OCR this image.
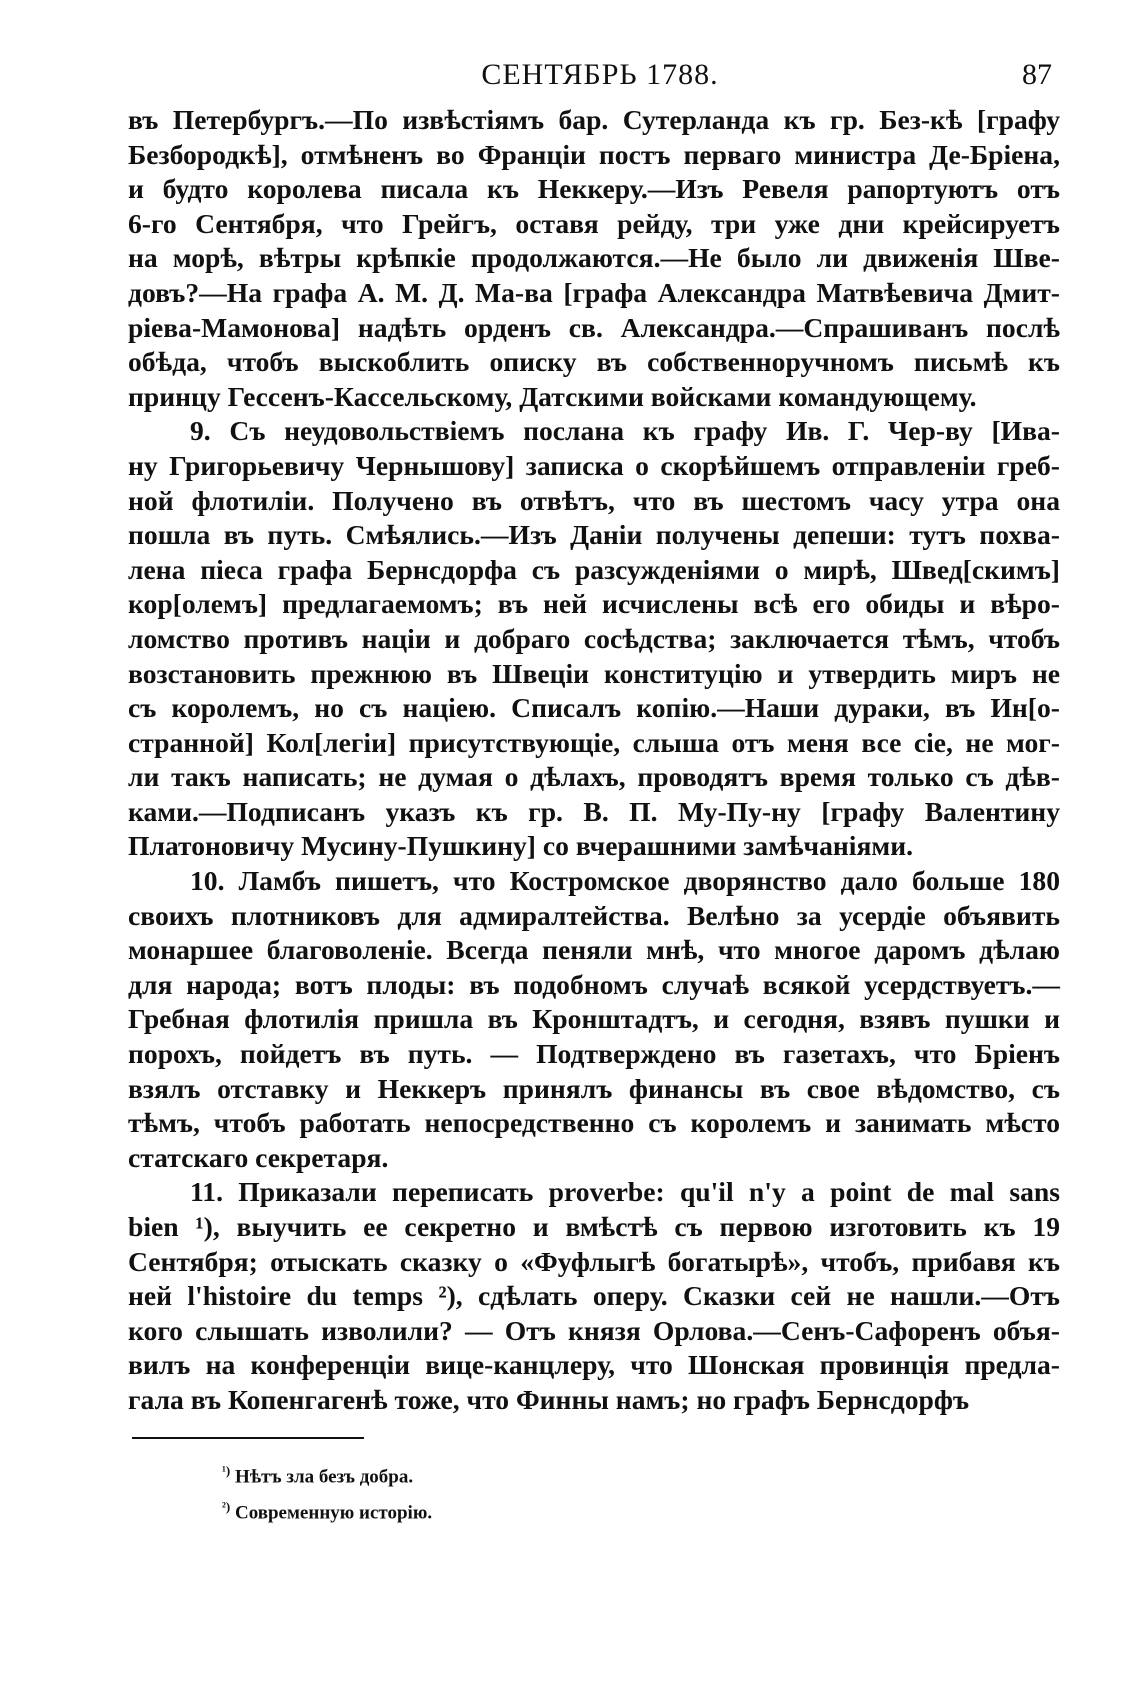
СЕНТЯБРЬ 1788.	87
въ Петербургъ.—По извѣстіямъ бар. Сутерланда къ гр. Без-кѣ [графу
Безбородкѣ], отмѣненъ во Франціи постъ перваго министра Де-Бріена,
и будто королева писала къ Неккеру.—Изъ Ревеля рапортуютъ отъ
6-го Сентября, что Грейгъ, оставя рейду, три уже дни крейсируетъ
на морѣ, вѣтры крѣпкіе продолжаются.—Не было ли движенія Шве-
довъ?—На графа А. М. Д. Ма-ва [графа Александра Матвѣевича Дмит-
ріева-Мамонова] надѣть орденъ св. Александра.—Спрашиванъ послѣ
обѣда, чтобъ выскоблить описку въ собственноручномъ письмѣ къ
принцу Гессенъ-Кассельскому, Датскими войсками командующему.
9. Съ неудовольствіемъ послана къ графу Ив. Г. Чер-ву [Ива-
ну Григорьевичу Чернышову] записка о скорѣйшемъ отправленіи греб-
ной флотиліи. Получено въ отвѣтъ, что въ шестомъ часу утра она
пошла въ путь. Смѣялись.—Изъ Даніи получены депеши: тутъ похва-
лена піеса графа Бернсдорфа съ разсужденіями о мирѣ, Швед[скимъ]
кор[олемъ] предлагаемомъ; въ ней исчислены всѣ его обиды и вѣро-
ломство противъ націи и добраго сосѣдства; заключается тѣмъ, чтобъ
возстановить прежнюю въ Швеціи конституцію и утвердить миръ не
съ королемъ, но съ націею. Списалъ копію.—Наши дураки, въ Ин[о-
странной] Кол[легіи] присутствующіе, слыша отъ меня все сіе, не мог-
ли такъ написать; не думая о дѣлахъ, проводятъ время только съ дѣв-
ками.—Подписанъ указъ къ гр. В. П. Му-Пу-ну [графу Валентину
Платоновичу Мусину-Пушкину] со вчерашними замѣчаніями.
10. Ламбъ пишетъ, что Костромское дворянство дало больше 180
своихъ плотниковъ для адмиралтейства. Велѣно за усердіе объявить
монаршее благоволеніе. Всегда пеняли мнѣ, что многое даромъ дѣлаю
для народа; вотъ плоды: въ подобномъ случаѣ всякой усердствуетъ.—
Гребная флотилія пришла въ Кронштадтъ, и сегодня, взявъ пушки и
порохъ, пойдетъ въ путь. — Подтверждено въ газетахъ, что Бріенъ
взялъ отставку и Неккеръ принялъ финансы въ свое вѣдомство, съ
тѣмъ, чтобъ работать непосредственно съ королемъ и занимать мѣсто
статскаго секретаря.
11. Приказали переписать proverbe: qu'il n'y a point de mal sans
bien ¹), выучить ее секретно и вмѣстѣ съ первою изготовить къ 19
Сентября; отыскать сказку о «Фуфлыгѣ богатырѣ», чтобъ, прибавя къ
ней l'histoire du temps ²), сдѣлать оперу. Сказки сей не нашли.—Отъ
кого слышать изволили? — Отъ князя Орлова.—Сенъ-Сафоренъ объя-
вилъ на конференціи вице-канцлеру, что Шонская провинція предла-
гала въ Копенгагенѣ тоже, что Финны намъ; но графъ Бернсдорфъ
$^{^1)}$ Нѣтъ зла безъ добра.
$^{^2)}$ Современную исторію.
